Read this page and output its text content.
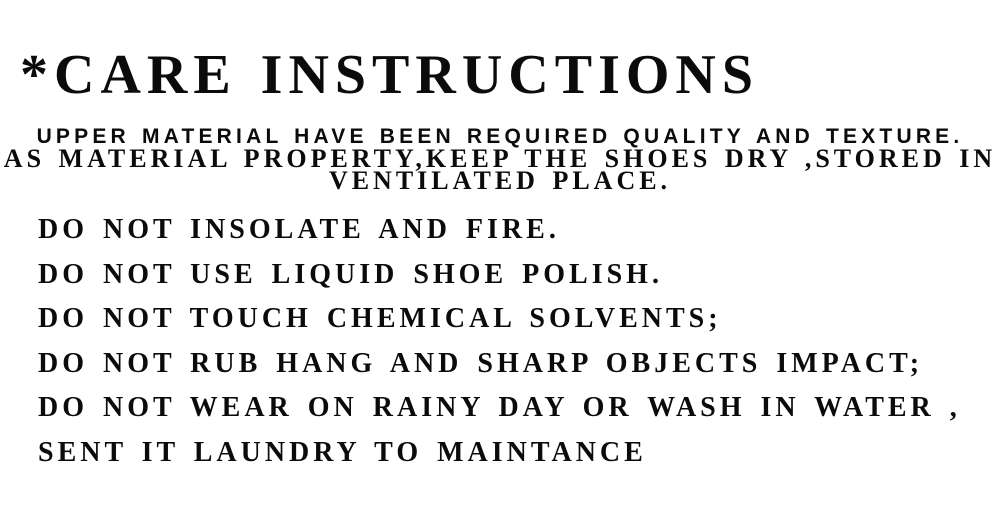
*CARE INSTRUCTIONS
UPPER MATERIAL HAVE BEEN REQUIRED QUALITY AND TEXTURE.
AS MATERIAL PROPERTY,KEEP THE SHOES DRY ,STORED IN
VENTILATED PLACE.
DO NOT INSOLATE AND FIRE.
DO NOT USE LIQUID SHOE POLISH.
DO NOT TOUCH CHEMICAL SOLVENTS;
DO NOT RUB HANG AND SHARP OBJECTS IMPACT;
DO NOT WEAR ON RAINY DAY OR WASH IN WATER ,
SENT IT LAUNDRY TO MAINTANCE
